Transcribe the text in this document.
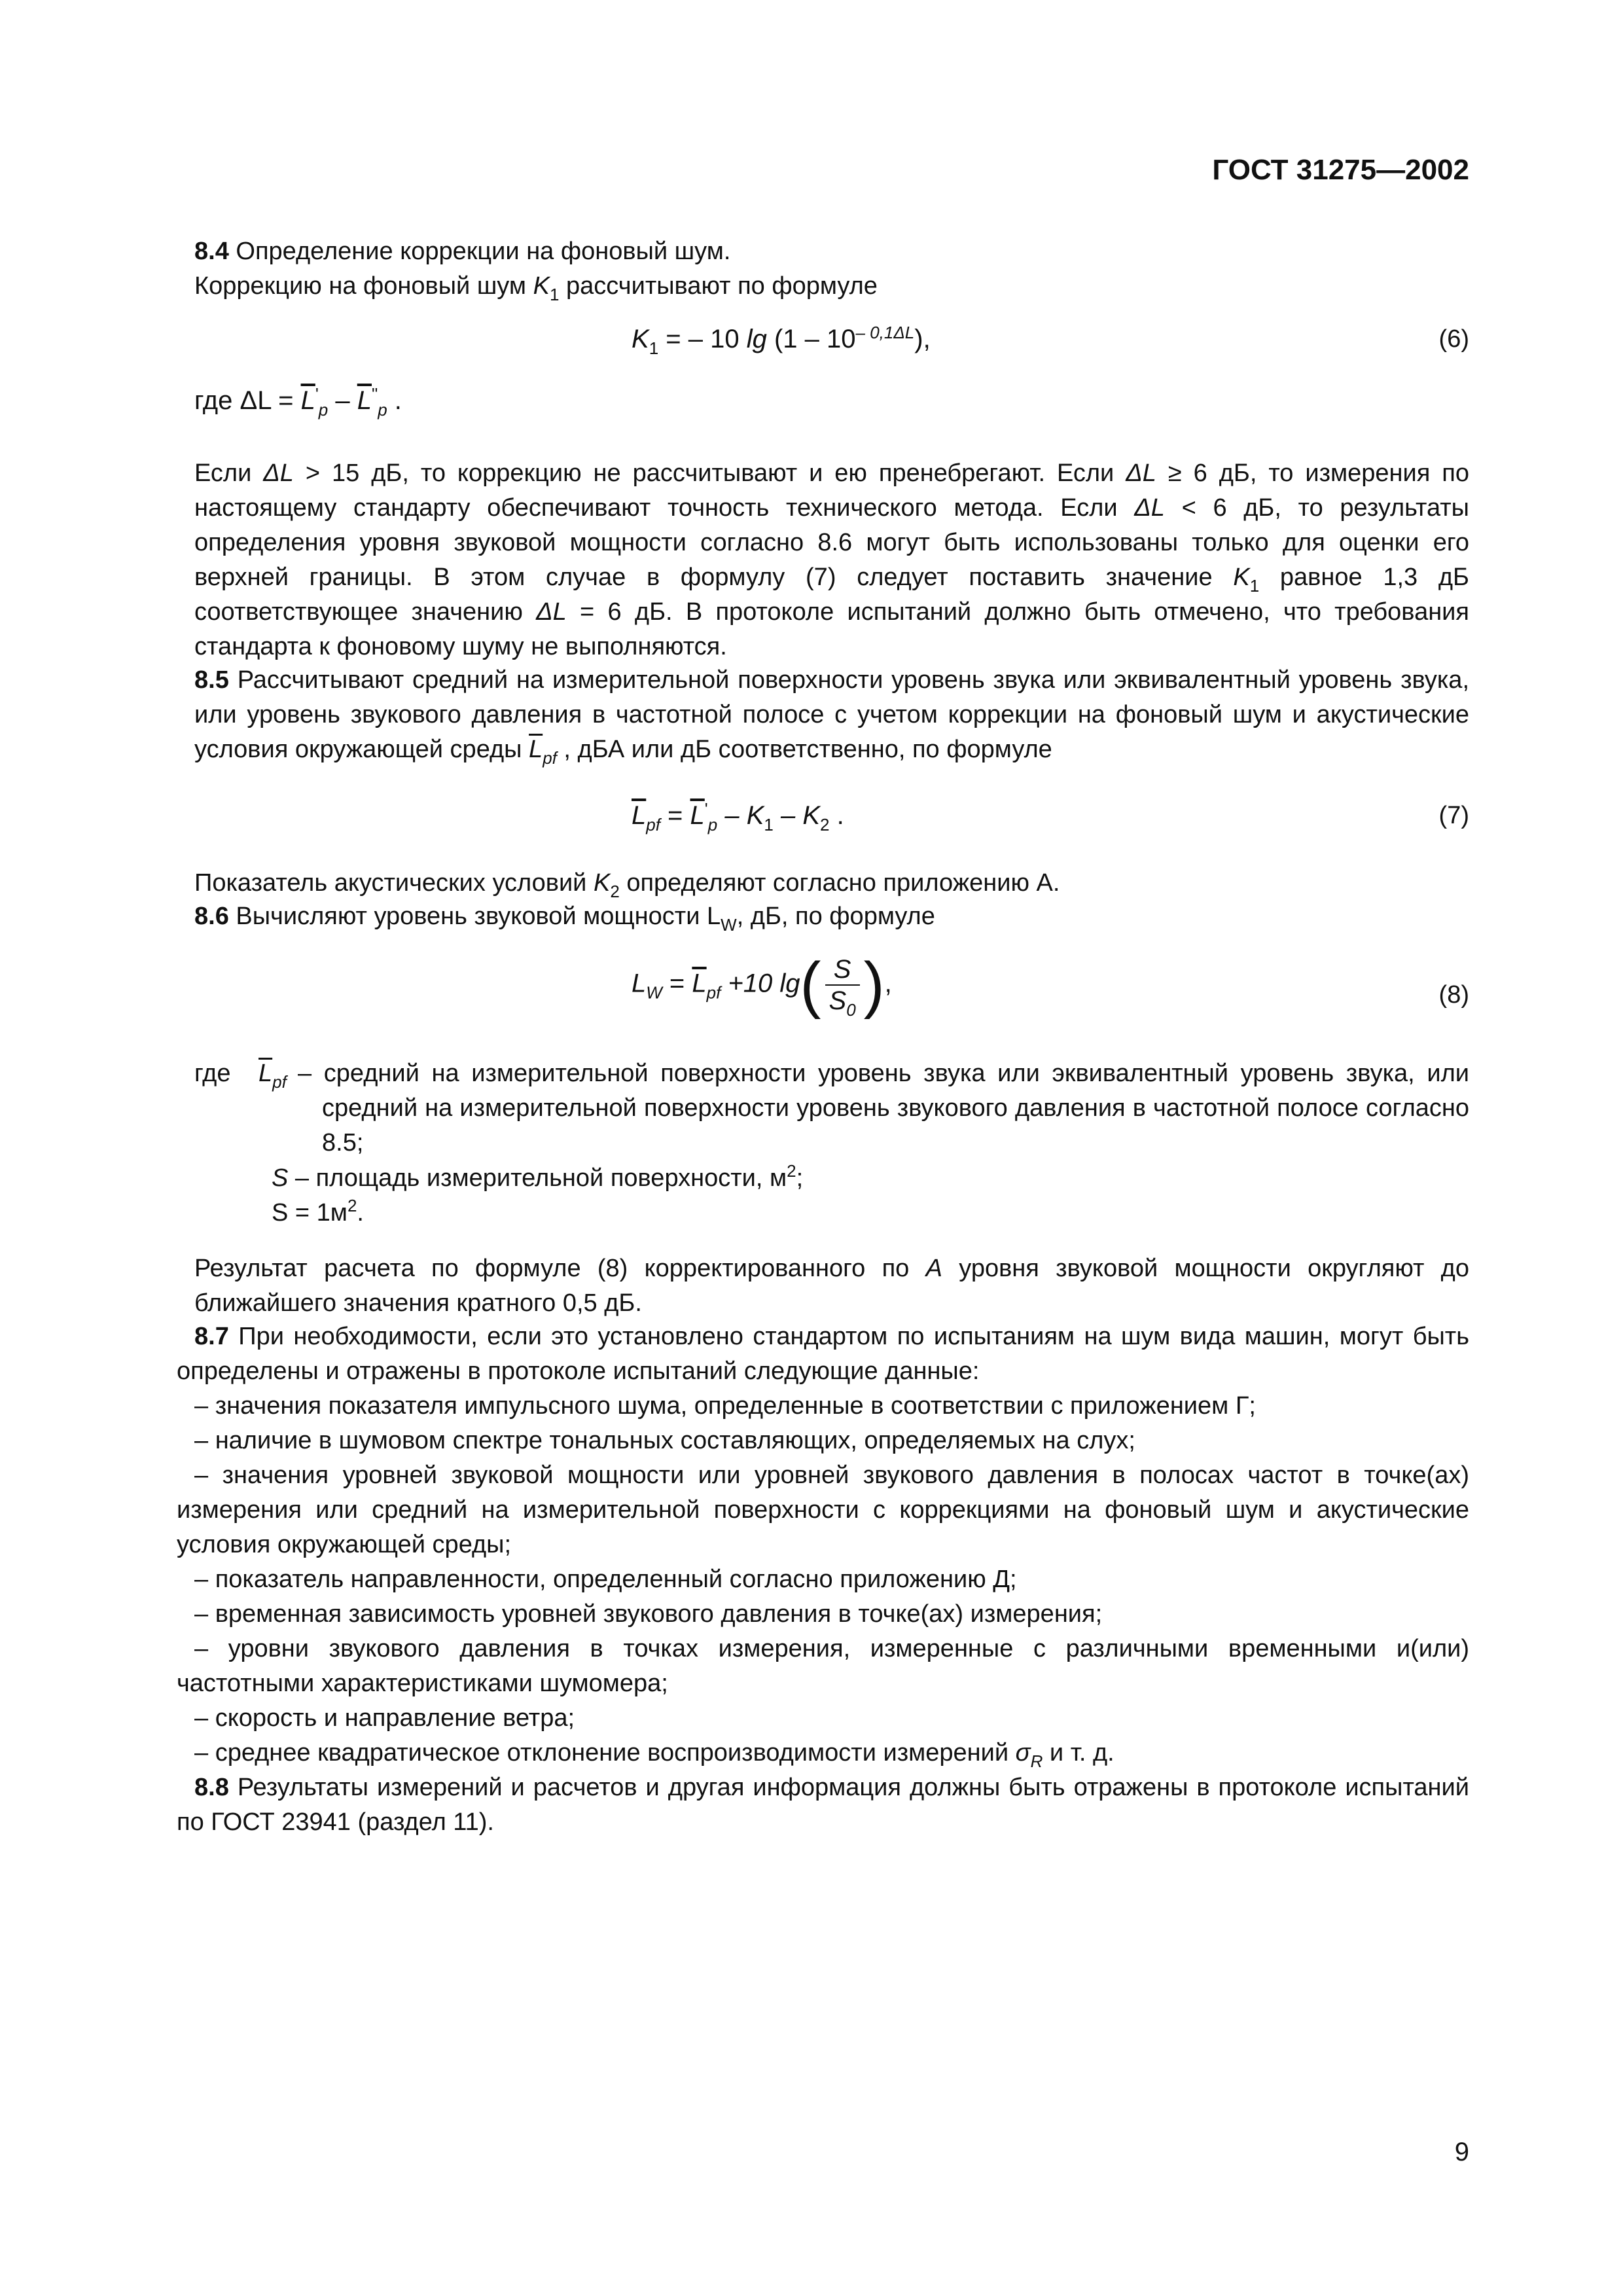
ГОСТ 31275—2002

8.4 Определение коррекции на фоновый шум.

Коррекцию на фоновый шум $K_1$ рассчитывают по формуле

$K_1$ = – 10 $\lg (1 - 10^{- 0,1\Delta L})$,	(6)
где $\Delta L = \overline{L}'_p - \overline{L}^"_p$ .

Если ΔL > 15 дБ, то коррекцию не рассчитывают и ею пренебрегают. Если ΔL ≥ 6 дБ, то измерения по настоящему стандарту обеспечивают точность технического метода. Если ΔL < 6 дБ, то результаты определения уровня звуковой мощности согласно 8.6 могут быть использованы только для оценки его верхней границы. В этом случае в формулу (7) следует поставить значение $K_1$ равное 1,3 дБ соответствующее значению ΔL = 6 дБ. В протоколе испытаний должно быть отмечено, что требования стандарта к фоновому шуму не выполняются.

8.5 Рассчитывают средний на измерительной поверхности уровень звука или эквивалентный уровень звука, или уровень звукового давления в частотной полосе с учетом коррекции на фоновый шум и акустические условия окружающей среды $\overline{L}_{pf}$ , дБА или дБ соответственно, по формуле

$\overline{L}_{pf} = \overline{L}'_p - K_1 - K_2$ .	(7)

Показатель акустических условий $K_2$ определяют согласно приложению А.

8.6 Вычисляют уровень звуковой мощности $L_W$, дБ, по формуле

$L_W = \overline{L}_{pf} +10$ $\lg( \frac{S}{S_0}$ ),	(8)
где	$\overline{L}_{pf}$ – средний на измерительной поверхности уровень звука или эквивалентный уровень звука, или средний на измерительной поверхности уровень звукового давления в частотной полосе согласно 8.5;
S – площадь измерительной поверхности, $м^2$;
$S = 1м^2$.

Результат расчета по формуле (8) корректированного по А уровня звуковой мощности округляют до ближайшего значения кратного 0,5 дБ.

8.7 При необходимости, если это установлено стандартом по испытаниям на шум вида машин, могут быть определены и отражены в протоколе испытаний следующие данные:

– значения показателя импульсного шума, определенные в соответствии с приложением Г;

– наличие в шумовом спектре тональных составляющих, определяемых на слух;

– значения уровней звуковой мощности или уровней звукового давления в полосах частот в точке(ах) измерения или средний на измерительной поверхности с коррекциями на фоновый шум и акустические условия окружающей среды;

– показатель направленности, определенный согласно приложению Д;

– временная зависимость уровней звукового давления в точке(ах) измерения;

– уровни звукового давления в точках измерения, измеренные с различными временными и(или) частотными характеристиками шумомера;

– скорость и направление ветра;

– среднее квадратическое отклонение воспроизводимости измерений $\sigma_R$ и т. д.

8.8 Результаты измерений и расчетов и другая информация должны быть отражены в протоколе испытаний по ГОСТ 23941 (раздел 11).

9
